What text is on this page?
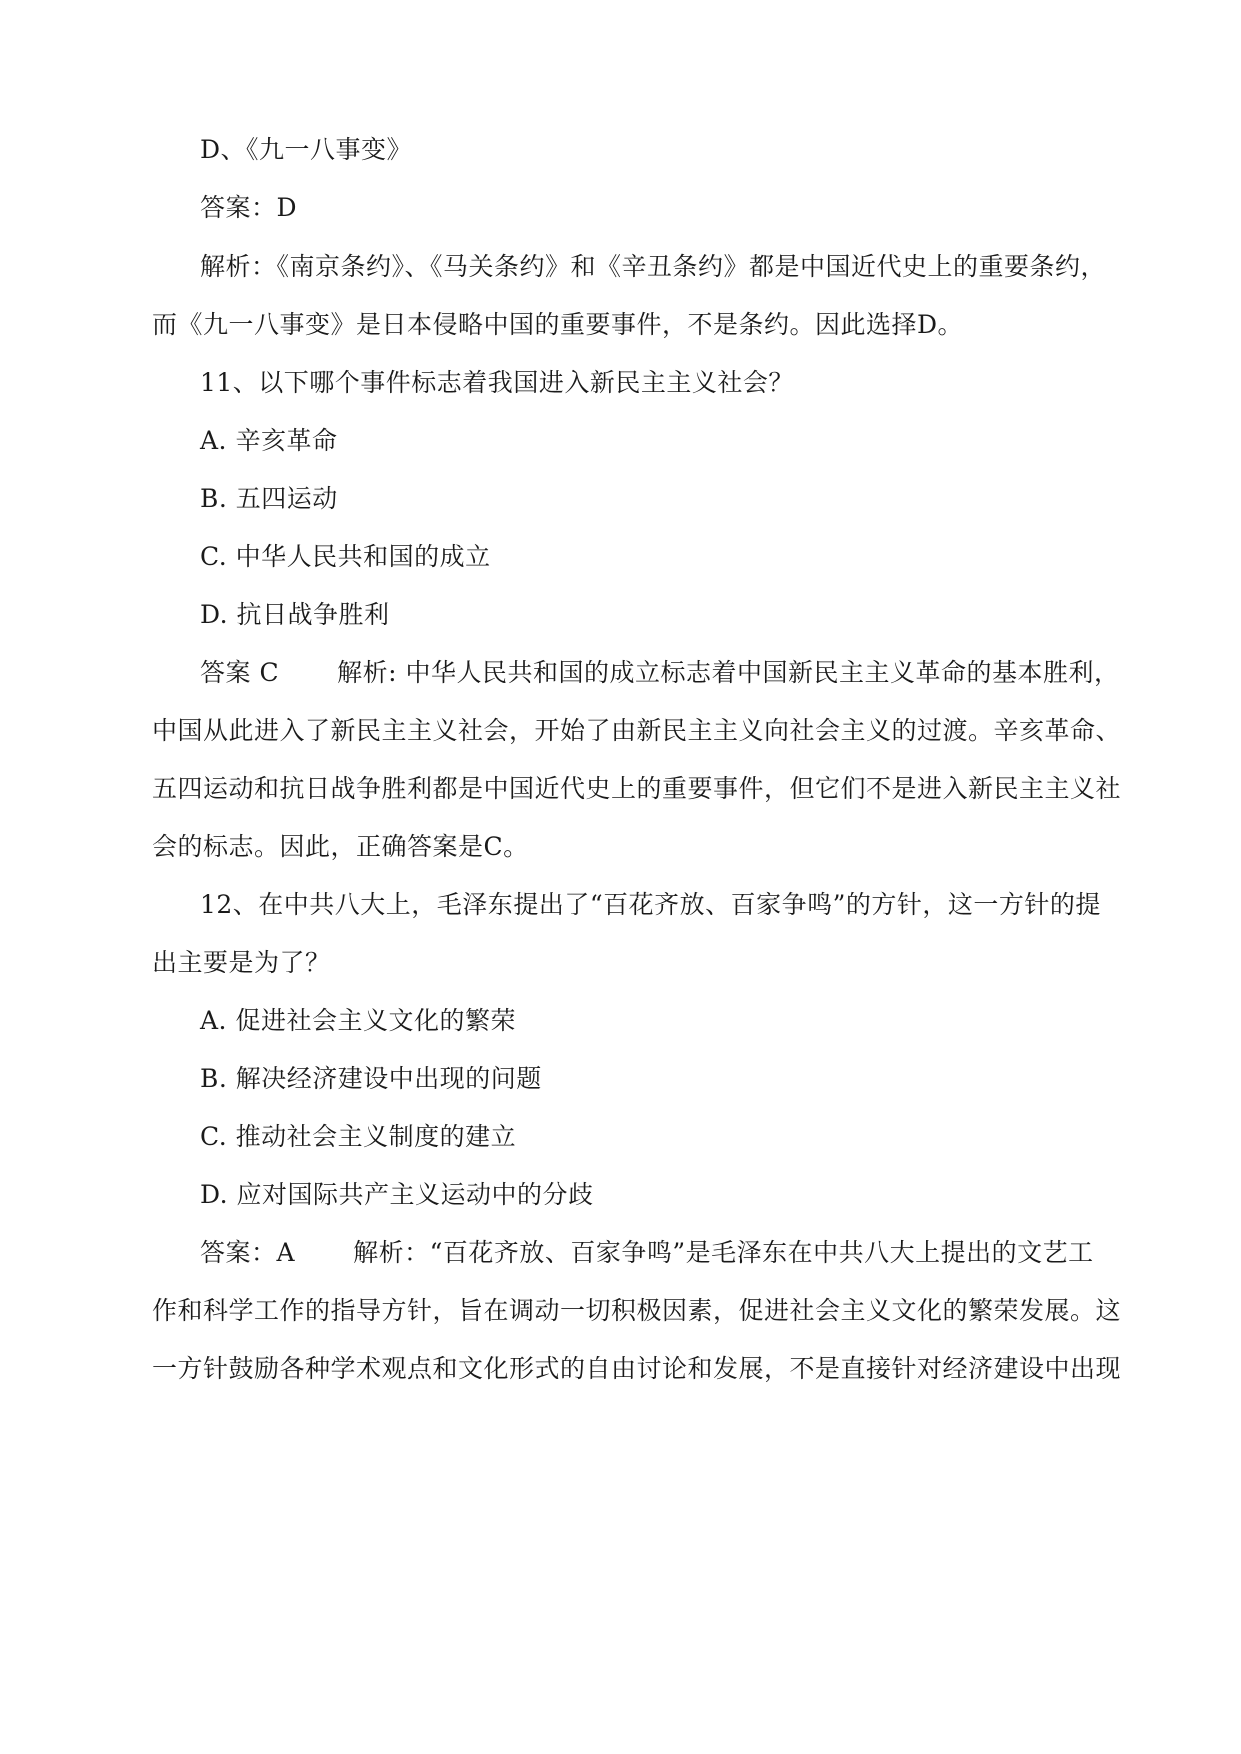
D、《九一八事变》
答案：D
解析：《南京条约》、《马关条约》和《辛丑条约》都是中国近代史上的重要条约，
而《九一八事变》是日本侵略中国的重要事件，不是条约。因此选择D。
11、以下哪个事件标志着我国进入新民主主义社会？
A. 辛亥革命
B. 五四运动
C. 中华人民共和国的成立
D. 抗日战争胜利
答案 C 解析: 中华人民共和国的成立标志着中国新民主主义革命的基本胜利，
中国从此进入了新民主主义社会，开始了由新民主主义向社会主义的过渡。辛亥革命、
五四运动和抗日战争胜利都是中国近代史上的重要事件，但它们不是进入新民主主义社
会的标志。因此，正确答案是C。
12、在中共八大上，毛泽东提出了“百花齐放、百家争鸣”的方针，这一方针的提
出主要是为了？
A. 促进社会主义文化的繁荣
B. 解决经济建设中出现的问题
C. 推动社会主义制度的建立
D. 应对国际共产主义运动中的分歧
答案：A 解析：“百花齐放、百家争鸣”是毛泽东在中共八大上提出的文艺工
作和科学工作的指导方针，旨在调动一切积极因素，促进社会主义文化的繁荣发展。这
一方针鼓励各种学术观点和文化形式的自由讨论和发展，不是直接针对经济建设中出现
